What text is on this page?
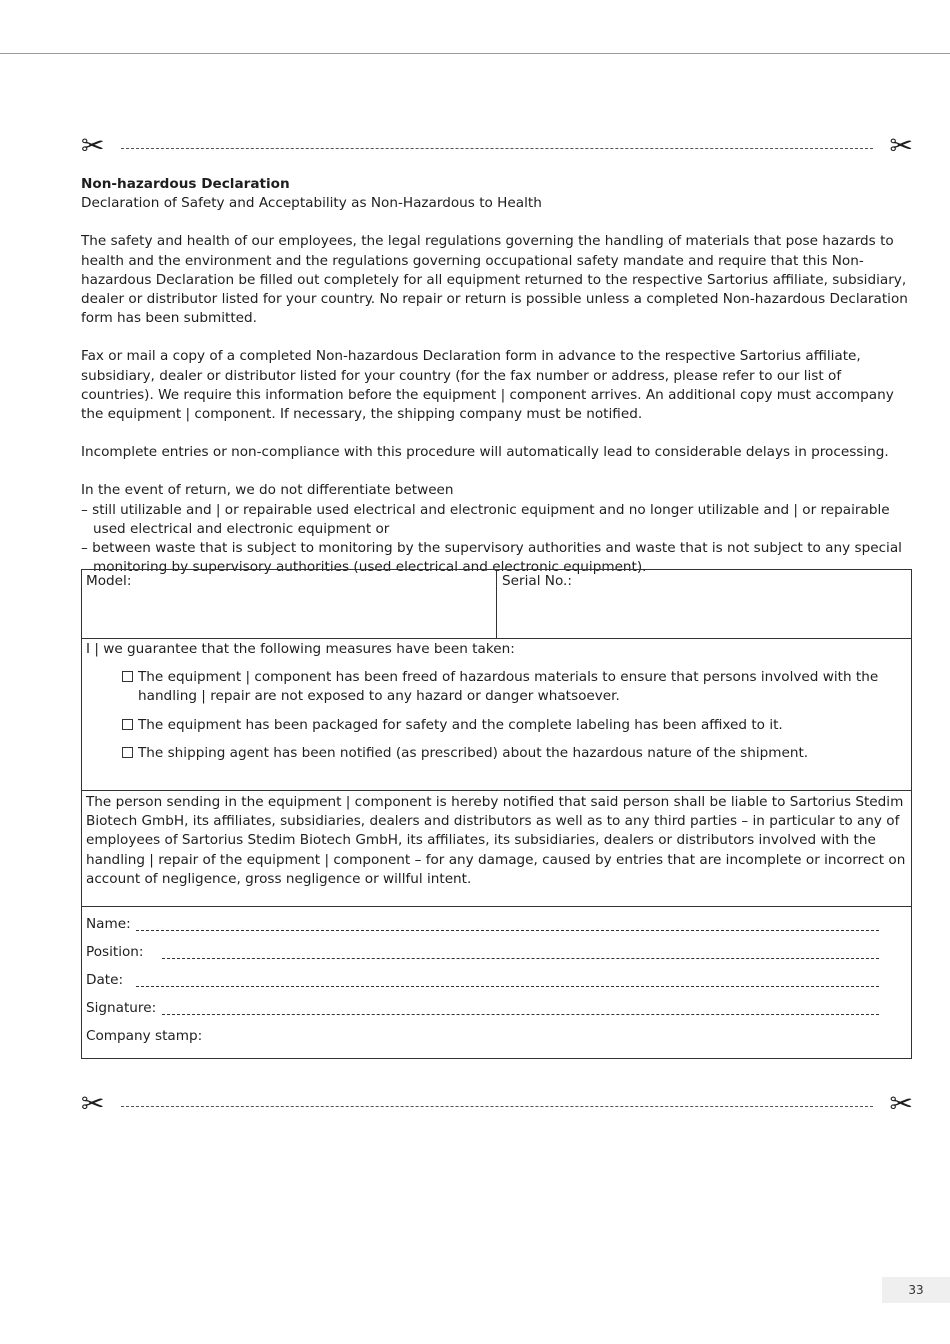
✂	✂

Non-hazardous Declaration

Declaration of Safety and Acceptability as Non-Hazardous to Health

The safety and health of our employees, the legal regulations governing the handling of materials that pose hazards to health and the environment and the regulations governing occupational safety mandate and require that this Non-hazardous Declaration be filled out completely for all equipment returned to the respective Sartorius affiliate, subsidiary, dealer or distributor listed for your country. No repair or return is possible unless a completed Non-hazardous Declaration form has been submitted.

Fax or mail a copy of a completed Non-hazardous Declaration form in advance to the respective Sartorius affiliate, subsidiary, dealer or distributor listed for your country (for the fax number or address, please refer to our list of countries). We require this information before the equipment | component arrives. An additional copy must accompany the equipment | component. If necessary, the shipping company must be notified.

Incomplete entries or non-compliance with this procedure will automatically lead to considerable delays in processing.

In the event of return, we do not differentiate between

– still utilizable and | or repairable used electrical and electronic equipment and no longer utilizable and | or repairable used electrical and electronic equipment or

– between waste that is subject to monitoring by the supervisory authorities and waste that is not subject to any special monitoring by supervisory authorities (used electrical and electronic equipment).

Model:	Serial No.:

I | we guarantee that the following measures have been taken:

The equipment | component has been freed of hazardous materials to ensure that persons involved with the handling | repair are not exposed to any hazard or danger whatsoever.
The equipment has been packaged for safety and the complete labeling has been affixed to it.
The shipping agent has been notified (as prescribed) about the hazardous nature of the shipment.

The person sending in the equipment | component is hereby notified that said person shall be liable to Sartorius Stedim Biotech GmbH, its affiliates, subsidiaries, dealers and distributors as well as to any third parties – in particular to any of employees of Sartorius Stedim Biotech GmbH, its affiliates, its subsidiaries, dealers or distributors involved with the handling | repair of the equipment | component – for any damage, caused by entries that are incomplete or incorrect on account of negligence, gross negligence or willful intent.

Name:
Position:
Date:
Signature:
Company stamp:
✂	✂
33
